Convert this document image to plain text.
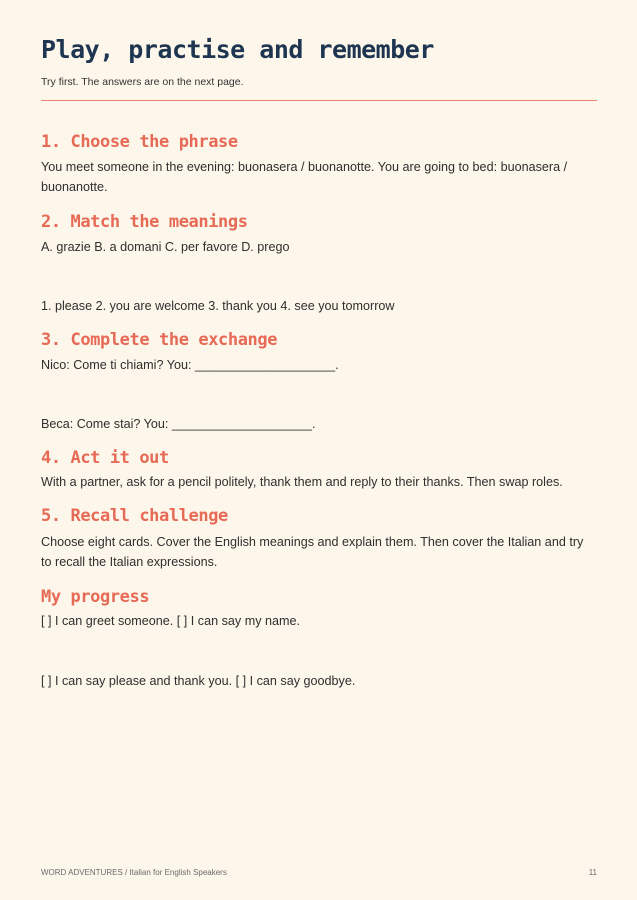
Play, practise and remember
Try first. The answers are on the next page.
1. Choose the phrase
You meet someone in the evening: buonasera / buonanotte. You are going to bed: buonasera / buonanotte.
2. Match the meanings
A. grazie B. a domani C. per favore D. prego
1. please 2. you are welcome 3. thank you 4. see you tomorrow
3. Complete the exchange
Nico: Come ti chiami? You: ____________________.
Beca: Come stai? You: ____________________.
4. Act it out
With a partner, ask for a pencil politely, thank them and reply to their thanks. Then swap roles.
5. Recall challenge
Choose eight cards. Cover the English meanings and explain them. Then cover the Italian and try to recall the Italian expressions.
My progress
[ ] I can greet someone. [ ] I can say my name.
[ ] I can say please and thank you. [ ] I can say goodbye.
WORD ADVENTURES / Italian for English Speakers	11
